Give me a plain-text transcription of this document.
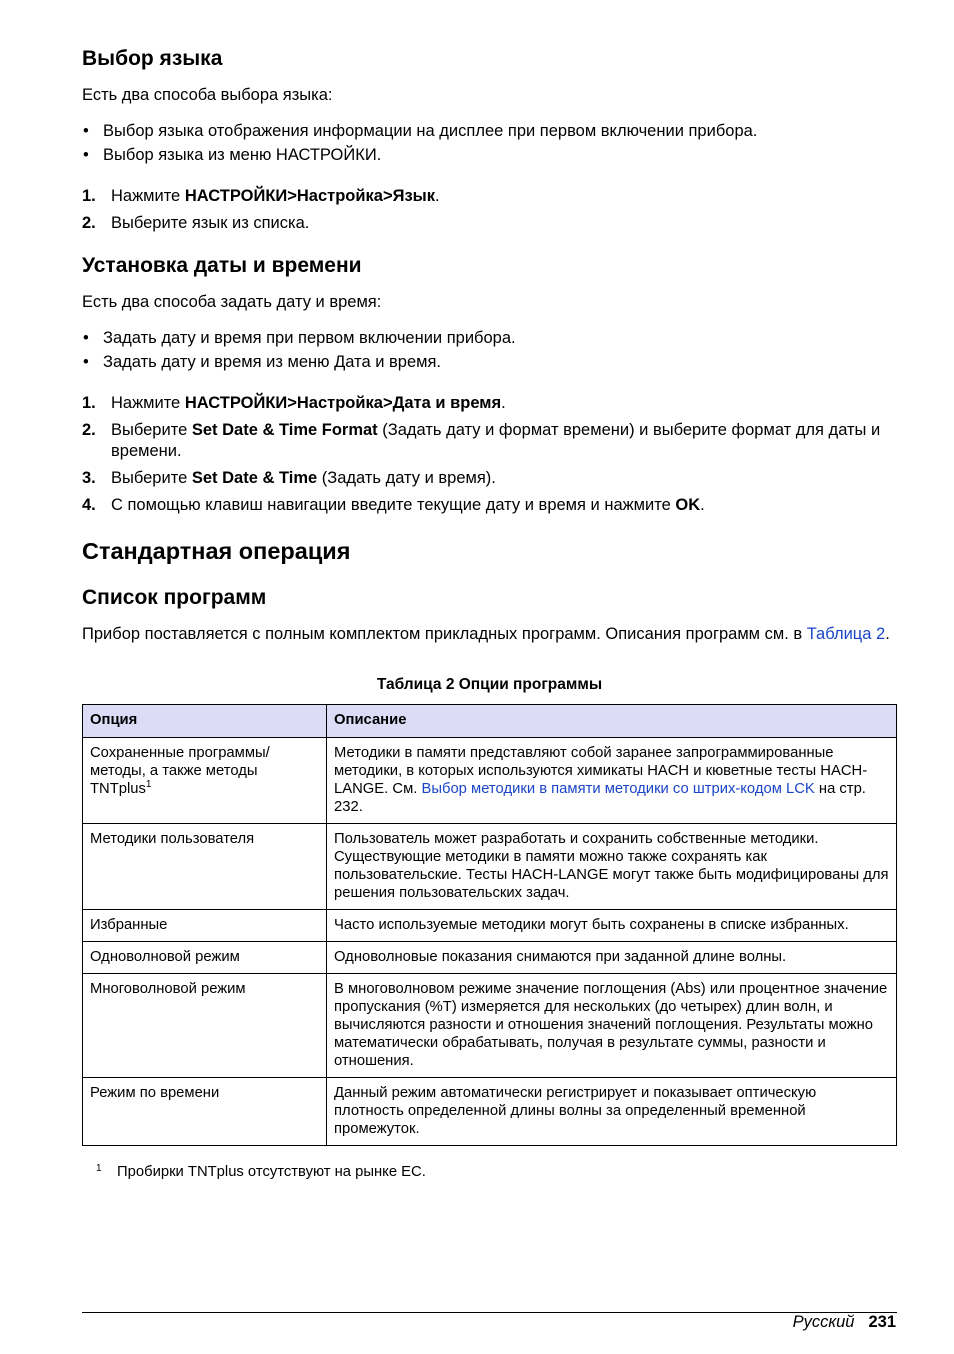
Выбор языка

Есть два способа выбора языка:

• Выбор языка отображения информации на дисплее при первом включении прибора.
• Выбор языка из меню НАСТРОЙКИ.
1. Нажмите НАСТРОЙКИ>Настройка>Язык.
2. Выберите язык из списка.
Установка даты и времени

Есть два способа задать дату и время:

• Задать дату и время при первом включении прибора.
• Задать дату и время из меню Дата и время.
1. Нажмите НАСТРОЙКИ>Настройка>Дата и время.
2. Выберите Set Date & Time Format (Задать дату и формат времени) и выберите формат для даты и времени.
3. Выберите Set Date & Time (Задать дату и время).
4. С помощью клавиш навигации введите текущие дату и время и нажмите OK.
Стандартная операция
Список программ

Прибор поставляется с полным комплектом прикладных программ. Описания программ см. в Таблица 2.

Таблица 2 Опции программы
Опция	Описание
Сохраненные программы/методы, а также методы TNTplus$^1$	Методики в памяти представляют собой заранее запрограммированные методики, в которых используются химикаты HACH и кюветные тесты HACH-LANGE. См. Выбор методики в памяти методики со штрих-кодом LCK на стр. 232.
Методики пользователя	Пользователь может разработать и сохранить собственные методики. Существующие методики в памяти можно также сохранять как пользовательские. Тесты HACH-LANGE могут также быть модифицированы для решения пользовательских задач.
Избранные	Часто используемые методики могут быть сохранены в списке избранных.
Одноволновой режим	Одноволновые показания снимаются при заданной длине волны.
Многоволновой режим	В многоволновом режиме значение поглощения (Abs) или процентное значение пропускания (%T) измеряется для нескольких (до четырех) длин волн, и вычисляются разности и отношения значений поглощения. Результаты можно математически обрабатывать, получая в результате суммы, разности и отношения.
Режим по времени	Данный режим автоматически регистрирует и показывает оптическую плотность определенной длины волны за определенный временной промежуток.
1 Пробирки TNTplus отсутствуют на рынке ЕС.
Русский 231
